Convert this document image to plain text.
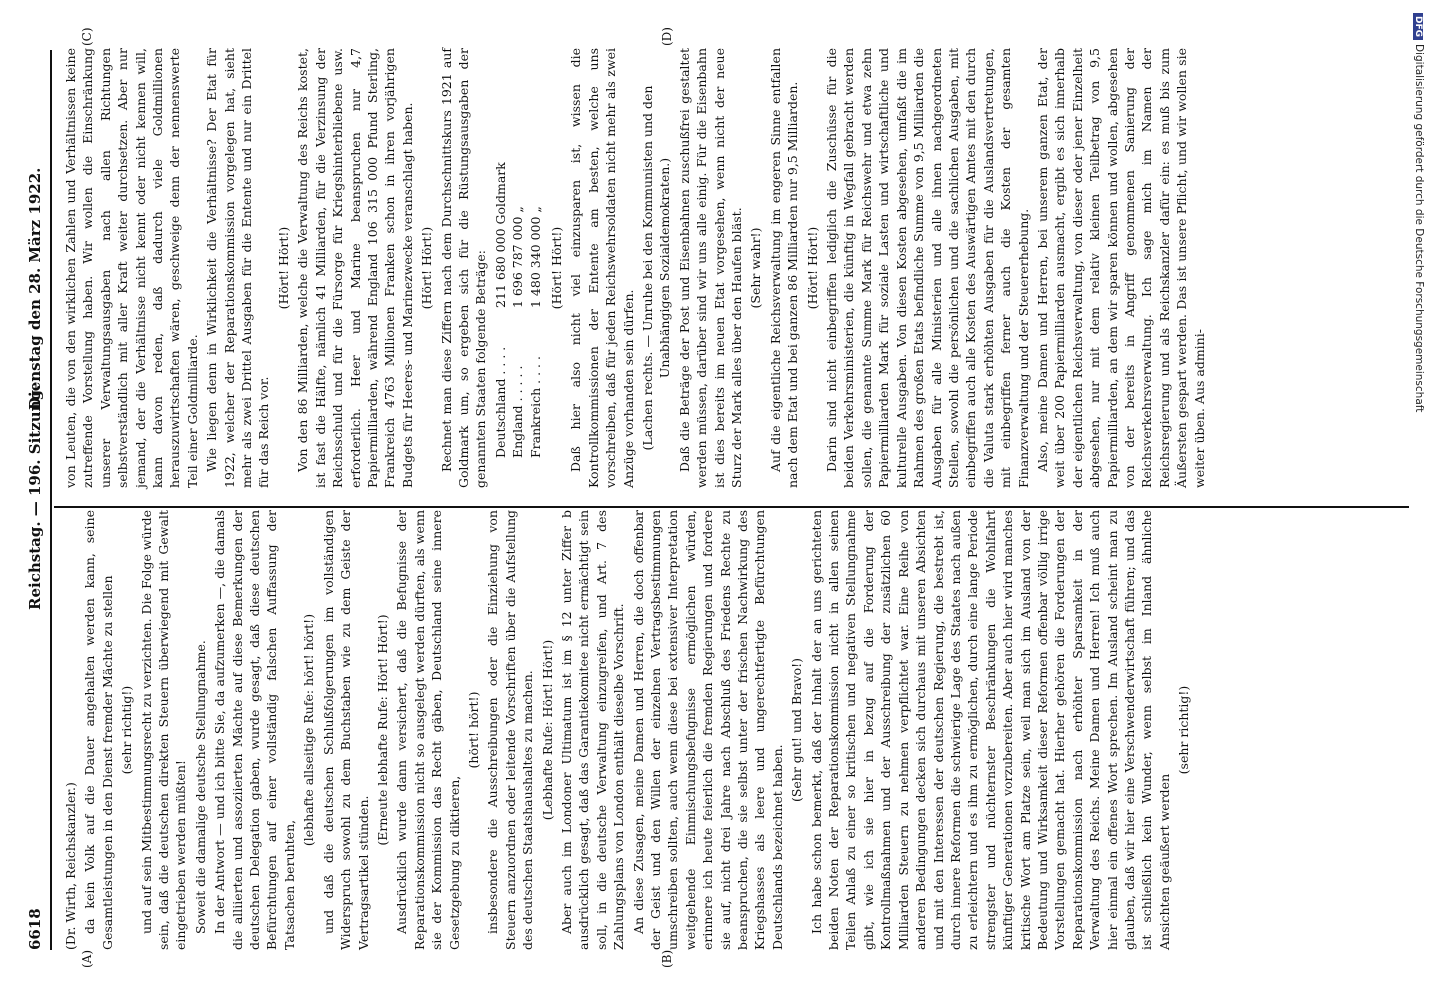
6618
Reichstag. — 196. Sitzung.
Dienstag den 28. März 1922.
(A)	(B)
(C)	(D)

(Dr. Wirth, Reichskanzler.) da kein Volk auf die Dauer angehalten werden kann, seine Gesamtleistungen in den Dienst fremder Mächte zu stellen (sehr richtig!) und auf sein Mitbestimmungsrecht zu verzichten. Die Folge würde sein, daß die deutschen direkten Steuern überwiegend mit Gewalt eingetrieben werden müßten! Soweit die damalige deutsche Stellungnahme. In der Antwort — und ich bitte Sie, da aufzumerken —, die damals die alliierten und assoziierten Mächte auf diese Bemerkungen der deutschen Delegation gaben, wurde gesagt, daß diese deutschen Befürchtungen auf einer vollständig falschen Auffassung der Tatsachen beruhten,

(lebhafte allseitige Rufe: hört! hört!) und daß die deutschen Schlußfolgerungen im vollständigen Widerspruch sowohl zu dem Buchstaben wie zu dem Geiste der Vertragsartikel stünden.

(Erneute lebhafte Rufe: Hört! Hört!) Ausdrücklich wurde dann versichert, daß die Befugnisse der Reparationskommission nicht so ausgelegt werden dürften, als wenn sie der Kommission das Recht gäben, Deutschland seine innere Gesetzgebung zu diktieren,

(hört! hört!) insbesondere die Ausschreibungen oder die Einziehung von Steuern anzuordnen oder leitende Vorschriften über die Aufstellung des deutschen Staatshaushaltes zu machen. (Lebhafte Rufe: Hört! Hört!) Aber auch im Londoner Ultimatum ist im § 12 unter Ziffer b ausdrücklich gesagt, daß das Garantiekomitee nicht ermächtigt sein soll, in die deutsche Verwaltung einzugreifen, und Art. 7 des Zahlungsplans von London enthält dieselbe Vorschrift. An diese Zusagen, meine Damen und Herren, die doch offenbar der Geist und den Willen der einzelnen Vertragsbestimmungen umschreiben sollten, auch wenn diese bei extensiver Interpretation weitgehende Einmischungsbefugnisse ermöglichen würden, erinnere ich heute feierlich die fremden Regierungen und fordere sie auf, nicht drei Jahre nach Abschluß des Friedens Rechte zu beanspruchen, die sie selbst unter der frischen Nachwirkung des Kriegshasses als leere und ungerechtfertigte Befürchtungen Deutschlands bezeichnet haben.

(Sehr gut! und Bravo!) Ich habe schon bemerkt, daß der Inhalt der an uns gerichteten beiden Noten der Reparationskommission nicht in allen seinen Teilen Anlaß zu einer so kritischen und negativen Stellungnahme gibt, wie ich sie hier in bezug auf die Forderung der Kontrollmaßnahmen und der Ausschreibung der zusätzlichen 60 Milliarden Steuern zu nehmen verpflichtet war. Eine Reihe von anderen Bedingungen decken sich durchaus mit unseren Absichten und mit den Interessen der deutschen Regierung, die bestrebt ist, durch innere Reformen die schwierige Lage des Staates nach außen zu erleichtern und es ihm zu ermöglichen, durch eine lange Periode strengster und nüchternster Beschränkungen die Wohlfahrt künftiger Generationen vorzubereiten. Aber auch hier wird manches kritische Wort am Platze sein, weil man sich im Ausland von der Bedeutung und Wirksamkeit dieser Reformen offenbar völlig irrige Vorstellungen gemacht hat. Hierher gehören die Forderungen der Reparationskommission nach erhöhter Sparsamkeit in der Verwaltung des Reichs. Meine Damen und Herren! Ich muß auch hier einmal ein offenes Wort sprechen. Im Ausland scheint man zu glauben, daß wir hier eine Verschwenderwirtschaft führen; und das ist schließlich kein Wunder, wenn selbst im Inland ähnliche Ansichten geäußert werden

(sehr richtig!)

von Leuten, die von den wirklichen Zahlen und Verhältnissen keine zutreffende Vorstellung haben. Wir wollen die Einschränkung unserer Verwaltungsausgaben nach allen Richtungen selbstverständlich mit aller Kraft weiter durchsetzen. Aber nur jemand, der die Verhältnisse nicht kennt oder nicht kennen will, kann davon reden, daß dadurch viele Goldmillionen herauszuwirtschaften wären, geschweige denn der nennenswerte Teil einer Goldmilliarde. Wie liegen denn in Wirklichkeit die Verhältnisse? Der Etat für 1922, welcher der Reparationskommission vorgelegen hat, sieht mehr als zwei Drittel Ausgaben für die Entente und nur ein Drittel für das Reich vor.

(Hört! Hört!) Von den 86 Milliarden, welche die Verwaltung des Reichs kostet, ist fast die Hälfte, nämlich 41 Milliarden, für die Verzinsung der Reichsschuld und für die Fürsorge für Kriegshinterbliebene usw. erforderlich. Heer und Marine beanspruchen nur 4,7 Papiermilliarden, während England 106 315 000 Pfund Sterling, Frankreich 4763 Millionen Franken schon in ihren vorjährigen Budgets für Heeres- und Marinezwecke veranschlagt haben. (Hört! Hört!) Rechnet man diese Ziffern nach dem Durchschnittskurs 1921 auf Goldmark um, so ergeben sich für die Rüstungsausgaben der genannten Staaten folgende Beträge: Deutschland . . . .
211 680 000 Goldmark
England . . . . .
1 696 787 000 „
Frankreich . . . .
1 480 340 000 „ (Hört! Hört!) Daß hier also nicht viel einzusparen ist, wissen die Kontrollkommissionen der Entente am besten, welche uns vorschreiben, daß für jeden Reichswehrsoldaten nicht mehr als zwei Anzüge vorhanden sein dürfen. (Lachen rechts. — Unruhe bei den Kommunisten und den Unabhängigen Sozialdemokraten.) Daß die Beträge der Post und Eisenbahnen zuschußfrei gestaltet werden müssen, darüber sind wir uns alle einig. Für die Eisenbahn ist dies bereits im neuen Etat vorgesehen, wenn nicht der neue Sturz der Mark alles über den Haufen bläst. (Sehr wahr!) Auf die eigentliche Reichsverwaltung im engeren Sinne entfallen nach dem Etat und bei ganzen 86 Milliarden nur 9,5 Milliarden. (Hört! Hört!) Darin sind nicht einbegriffen lediglich die Zuschüsse für die beiden Verkehrsministerien, die künftig in Wegfall gebracht werden sollen, die genannte Summe Mark für Reichswehr und etwa zehn Papiermilliarden Mark für soziale Lasten und wirtschaftliche und kulturelle Ausgaben. Von diesen Kosten abgesehen, umfaßt die im Rahmen des großen Etats befindliche Summe von 9,5 Milliarden die Ausgaben für alle Ministerien und alle ihnen nachgeordneten Stellen, sowohl die persönlichen und die sachlichen Ausgaben, mit einbegriffen auch alle Kosten des Auswärtigen Amtes mit den durch die Valuta stark erhöhten Ausgaben für die Auslandsvertretungen, mit einbegriffen ferner auch die Kosten der gesamten Finanzverwaltung und der Steuererhebung. Also, meine Damen und Herren, bei unserem ganzen Etat, der weit über 200 Papiermilliarden ausmacht, ergibt es sich innerhalb der eigentlichen Reichsverwaltung, von dieser oder jener Einzelheit abgesehen, nur mit dem relativ kleinen Teilbetrag von 9,5 Papiermilliarden, an dem wir sparen können und wollen, abgesehen von der bereits in Angriff genommenen Sanierung der Reichsverkehrsverwaltung. Ich sage mich im Namen der Reichsregierung und als Reichskanzler dafür ein: es muß bis zum Äußersten gespart werden. Das ist unsere Pflicht, und wir wollen sie weiter üben. Aus admini-

DFGDigitalisierung gefördert durch die Deutsche Forschungsgemeinschaft
